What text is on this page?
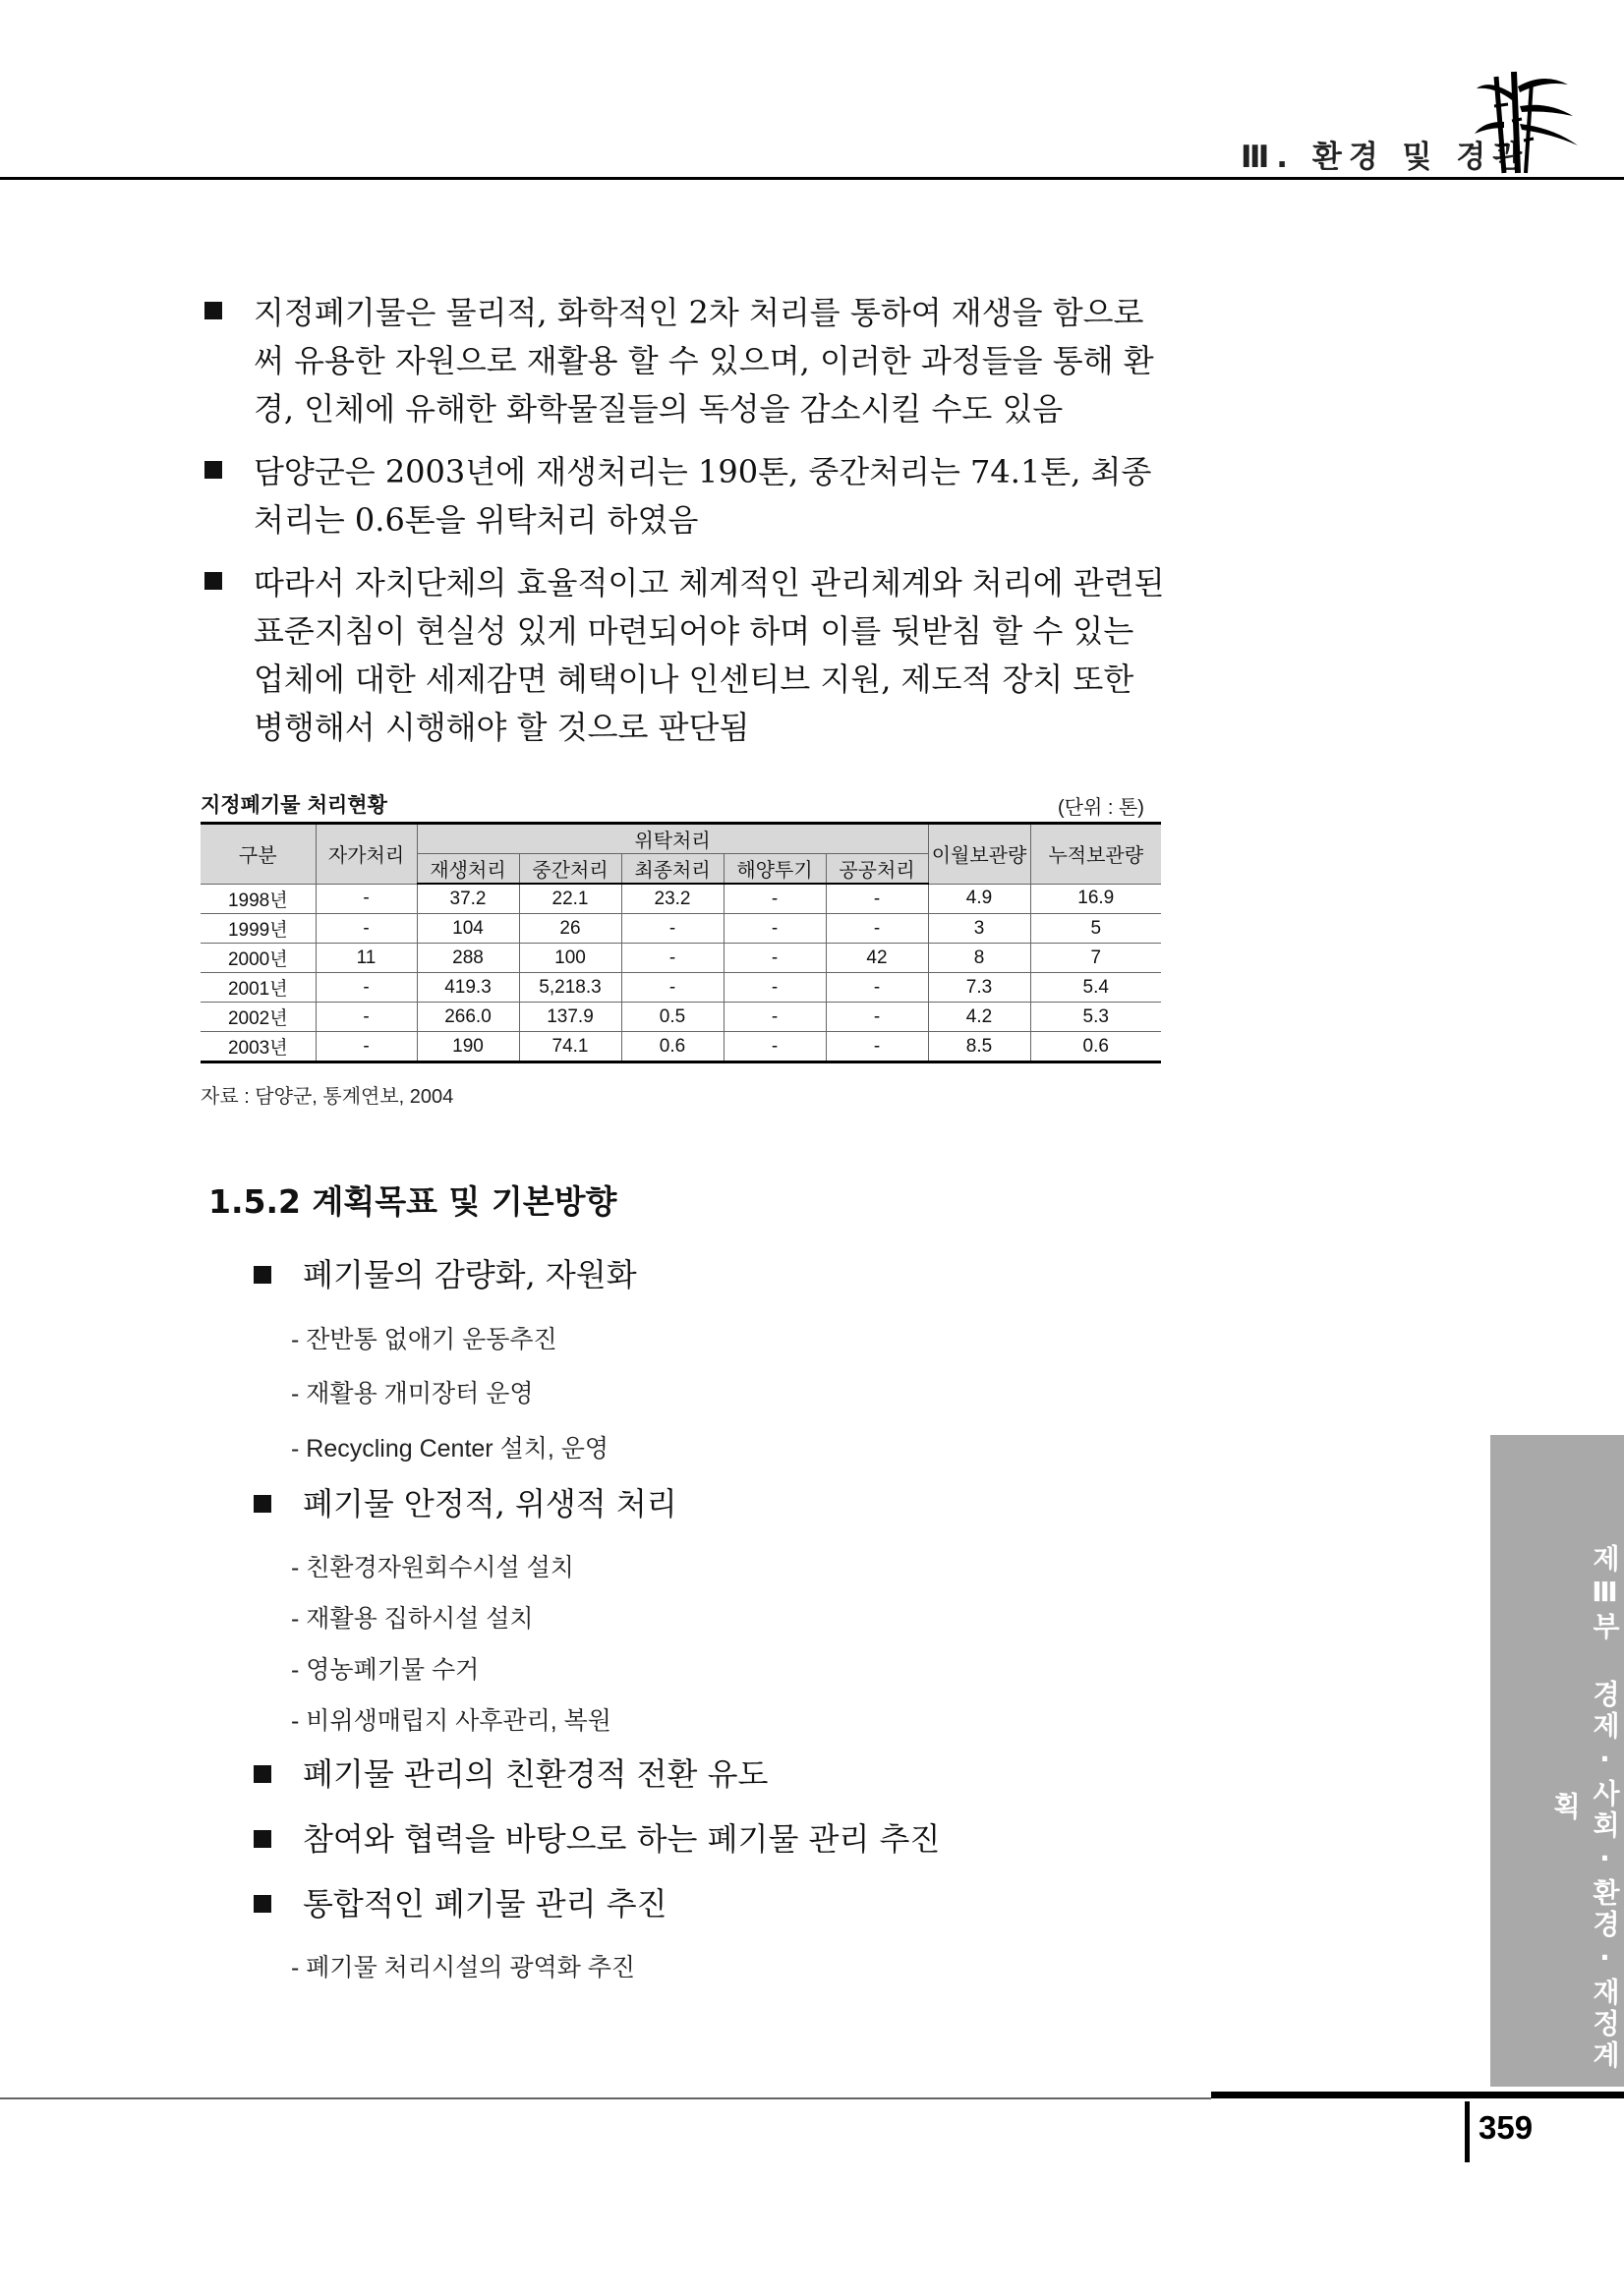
Ⅲ. 환경 및 경관
지정폐기물은 물리적, 화학적인 2차 처리를 통하여 재생을 함으로써 유용한 자원으로 재활용 할 수 있으며, 이러한 과정들을 통해 환경, 인체에 유해한 화학물질들의 독성을 감소시킬 수도 있음
담양군은 2003년에 재생처리는 190톤, 중간처리는 74.1톤, 최종처리는 0.6톤을 위탁처리 하였음
따라서 자치단체의 효율적이고 체계적인 관리체계와 처리에 관련된 표준지침이 현실성 있게 마련되어야 하며 이를 뒷받침 할 수 있는 업체에 대한 세제감면 혜택이나 인센티브 지원, 제도적 장치 또한 병행해서 시행해야 할 것으로 판단됨
지정폐기물 처리현황	(단위 : 톤)
구분	자가처리	위탁처리					이월보관량	누적보관량
		재생처리	중간처리	최종처리	해양투기	공공처리		
1998년	-	37.2	22.1	23.2	-	-	4.9	16.9
1999년	-	104	26	-	-	-	3	5
2000년	11	288	100	-	-	42	8	7
2001년	-	419.3	5,218.3	-	-	-	7.3	5.4
2002년	-	266.0	137.9	0.5	-	-	4.2	5.3
2003년	-	190	74.1	0.6	-	-	8.5	0.6
자료 : 담양군, 통계연보, 2004
1.5.2 계획목표 및 기본방향
폐기물의 감량화, 자원화
- 잔반통 없애기 운동추진
- 재활용 개미장터 운영
- Recycling Center 설치, 운영
폐기물 안정적, 위생적 처리
- 친환경자원회수시설 설치
- 재활용 집하시설 설치
- 영농폐기물 수거
- 비위생매립지 사후관리, 복원
폐기물 관리의 친환경적 전환 유도
참여와 협력을 바탕으로 하는 폐기물 관리 추진
통합적인 폐기물 관리 추진
- 폐기물 처리시설의 광역화 추진	제Ⅲ부 경제·사회·환경·재정계획
359
